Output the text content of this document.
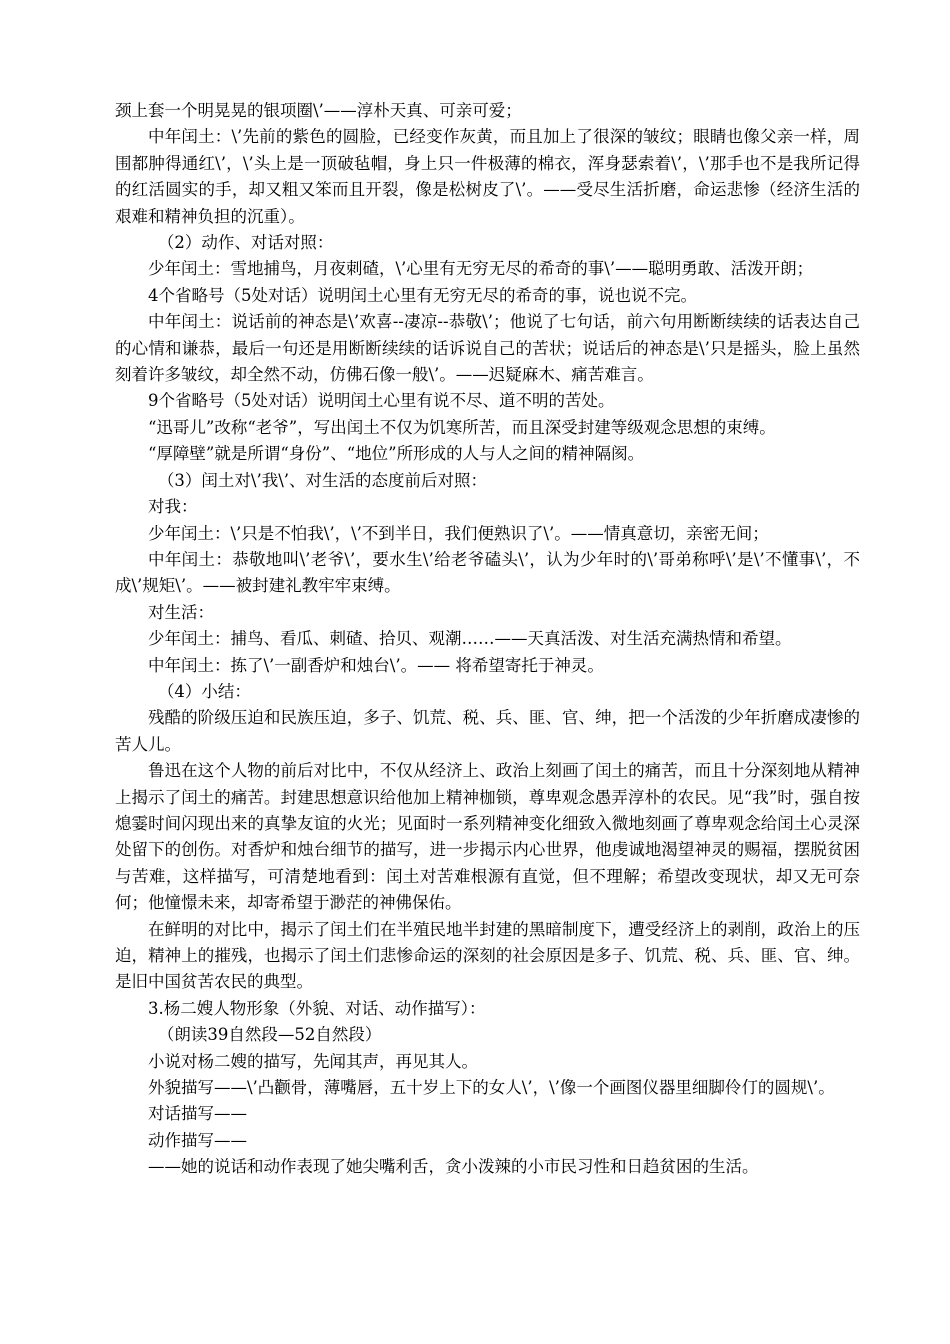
颈上套一个明晃晃的银项圈\’——淳朴天真、可亲可爱；

中年闰土：\’先前的紫色的圆脸，已经变作灰黄，而且加上了很深的皱纹；眼睛也像父亲一样，周围都肿得通红\’，\’头上是一顶破毡帽，身上只一件极薄的棉衣，浑身瑟索着\’，\’那手也不是我所记得的红活圆实的手，却又粗又笨而且开裂，像是松树皮了\’。——受尽生活折磨，命运悲惨（经济生活的艰难和精神负担的沉重）。

（2）动作、对话对照：

少年闰土：雪地捕鸟，月夜刺碴，\’心里有无穷无尽的希奇的事\’——聪明勇敢、活泼开朗；

4个省略号（5处对话）说明闰土心里有无穷无尽的希奇的事，说也说不完。

中年闰土：说话前的神态是\’欢喜--凄凉--恭敬\’；他说了七句话，前六句用断断续续的话表达自己的心情和谦恭，最后一句还是用断断续续的话诉说自己的苦状；说话后的神态是\’只是摇头，脸上虽然刻着许多皱纹，却全然不动，仿佛石像一般\’。——迟疑麻木、痛苦难言。

9个省略号（5处对话）说明闰土心里有说不尽、道不明的苦处。

“迅哥儿”改称“老爷”，写出闰土不仅为饥寒所苦，而且深受封建等级观念思想的束缚。

“厚障壁”就是所谓“身份”、“地位”所形成的人与人之间的精神隔阂。

（3）闰土对\’我\’、对生活的态度前后对照：

对我：

少年闰土：\’只是不怕我\’，\’不到半日，我们便熟识了\’。——情真意切，亲密无间；

中年闰土：恭敬地叫\’老爷\’，要水生\’给老爷磕头\’，认为少年时的\’哥弟称呼\’是\’不懂事\’，不成\’规矩\’。——被封建礼教牢牢束缚。

对生活：

少年闰土：捕鸟、看瓜、刺碴、拾贝、观潮……——天真活泼、对生活充满热情和希望。

中年闰土：拣了\’一副香炉和烛台\’。—— 将希望寄托于神灵。

（4）小结：

残酷的阶级压迫和民族压迫，多子、饥荒、税、兵、匪、官、绅，把一个活泼的少年折磨成凄惨的苦人儿。

鲁迅在这个人物的前后对比中，不仅从经济上、政治上刻画了闰土的痛苦，而且十分深刻地从精神上揭示了闰土的痛苦。封建思想意识给他加上精神枷锁，尊卑观念愚弄淳朴的农民。见“我”时，强自按熄霎时间闪现出来的真挚友谊的火光；见面时一系列精神变化细致入微地刻画了尊卑观念给闰土心灵深处留下的创伤。对香炉和烛台细节的描写，进一步揭示内心世界，他虔诚地渴望神灵的赐福，摆脱贫困与苦难，这样描写，可清楚地看到：闰土对苦难根源有直觉，但不理解；希望改变现状，却又无可奈何；他憧憬未来，却寄希望于渺茫的神佛保佑。

在鲜明的对比中，揭示了闰土们在半殖民地半封建的黑暗制度下，遭受经济上的剥削，政治上的压迫，精神上的摧残，也揭示了闰土们悲惨命运的深刻的社会原因是多子、饥荒、税、兵、匪、官、绅。是旧中国贫苦农民的典型。

3.杨二嫂人物形象（外貌、对话、动作描写）：

（朗读39自然段—52自然段）

小说对杨二嫂的描写，先闻其声，再见其人。

外貌描写——\’凸颧骨，薄嘴唇，五十岁上下的女人\’，\’像一个画图仪器里细脚伶仃的圆规\’。

对话描写——

动作描写——

——她的说话和动作表现了她尖嘴利舌，贪小泼辣的小市民习性和日趋贫困的生活。
